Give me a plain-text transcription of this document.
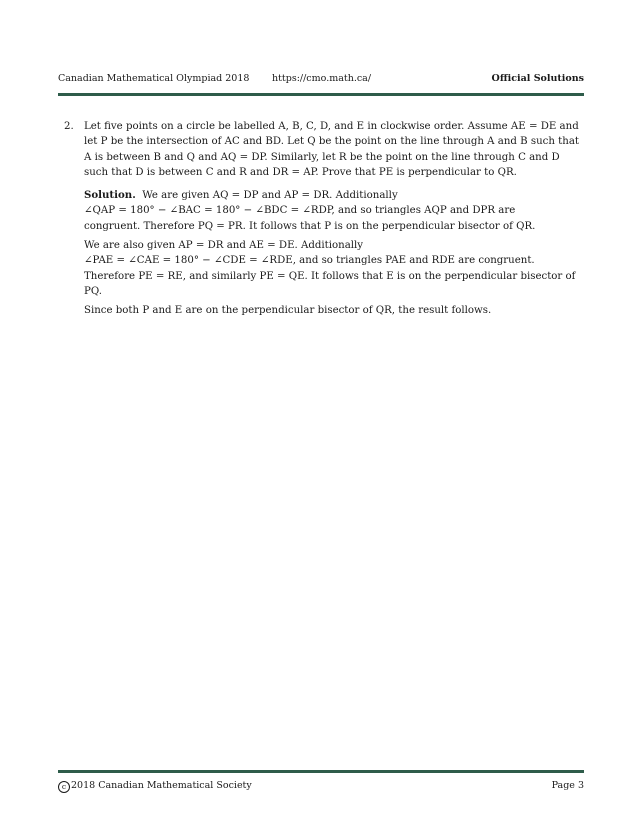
Canadian Mathematical Olympiad 2018 https://cmo.math.ca/	Official Solutions
2. Let five points on a circle be labelled A, B, C, D, and E in clockwise order. Assume AE = DE and
let P be the intersection of AC and BD. Let Q be the point on the line through A and B such that
A is between B and Q and AQ = DP. Similarly, let R be the point on the line through C and D
such that D is between C and R and DR = AP. Prove that PE is perpendicular to QR.
Solution. We are given AQ = DP and AP = DR. Additionally
∠QAP = 180° − ∠BAC = 180° − ∠BDC = ∠RDP, and so triangles AQP and DPR are
congruent. Therefore PQ = PR. It follows that P is on the perpendicular bisector of QR.
We are also given AP = DR and AE = DE. Additionally
∠PAE = ∠CAE = 180° − ∠CDE = ∠RDE, and so triangles PAE and RDE are congruent.
Therefore PE = RE, and similarly PE = QE. It follows that E is on the perpendicular bisector of
PQ.
Since both P and E are on the perpendicular bisector of QR, the result follows.
c 2018 Canadian Mathematical Society	Page 3
